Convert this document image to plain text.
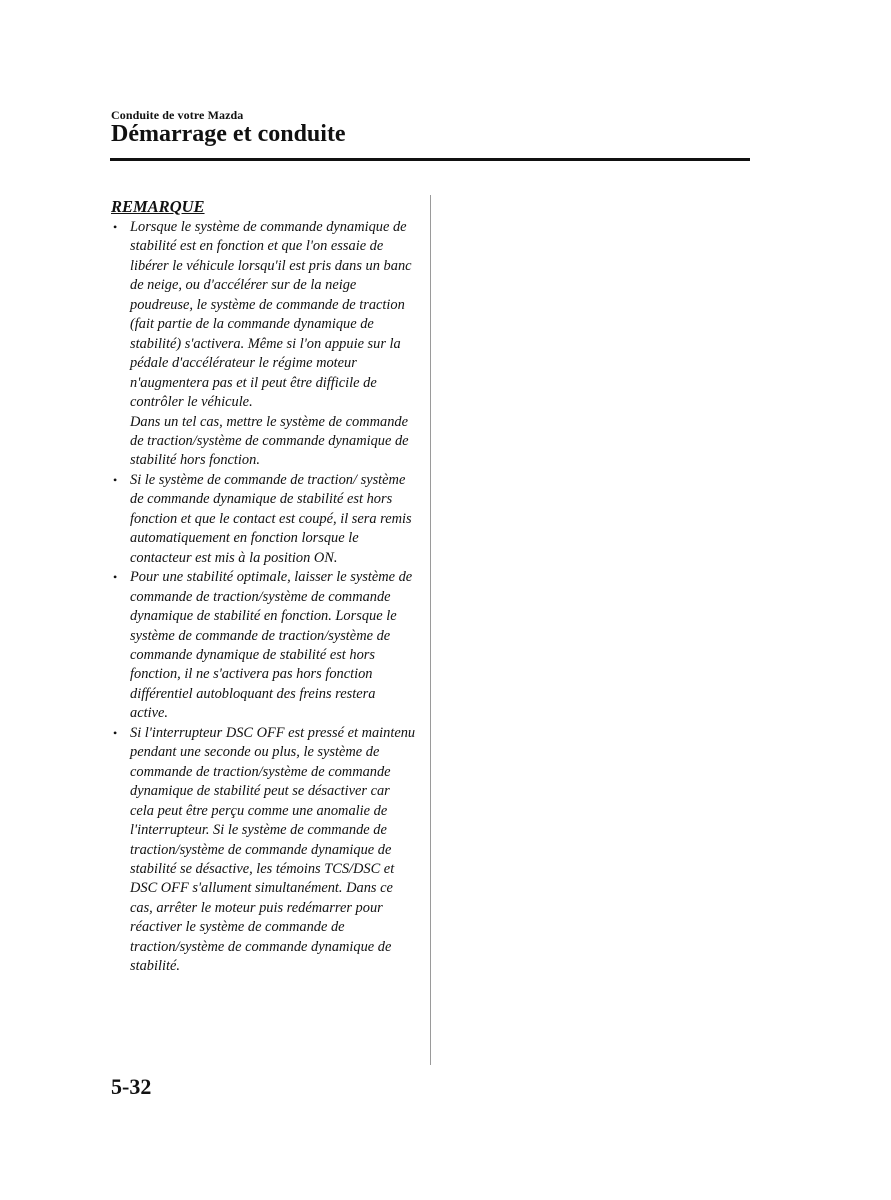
Conduite de votre Mazda
Démarrage et conduite
REMARQUE
• Lorsque le système de commande dynamique de stabilité est en fonction et que l'on essaie de libérer le véhicule lorsqu'il est pris dans un banc de neige, ou d'accélérer sur de la neige poudreuse, le système de commande de traction (fait partie de la commande dynamique de stabilité) s'activera. Même si l'on appuie sur la pédale d'accélérateur le régime moteur n'augmentera pas et il peut être difficile de contrôler le véhicule.
Dans un tel cas, mettre le système de commande de traction/système de commande dynamique de stabilité hors fonction.
• Si le système de commande de traction/ système de commande dynamique de stabilité est hors fonction et que le contact est coupé, il sera remis automatiquement en fonction lorsque le contacteur est mis à la position ON.
• Pour une stabilité optimale, laisser le système de commande de traction/système de commande dynamique de stabilité en fonction. Lorsque le système de commande de traction/système de commande dynamique de stabilité est hors fonction, il ne s'activera pas hors fonction différentiel autobloquant des freins restera active.
• Si l'interrupteur DSC OFF est pressé et maintenu pendant une seconde ou plus, le système de commande de traction/système de commande dynamique de stabilité peut se désactiver car cela peut être perçu comme une anomalie de l'interrupteur. Si le système de commande de traction/système de commande dynamique de stabilité se désactive, les témoins TCS/DSC et DSC OFF s'allument simultanément. Dans ce cas, arrêter le moteur puis redémarrer pour réactiver le système de commande de traction/système de commande dynamique de stabilité.
5-32
